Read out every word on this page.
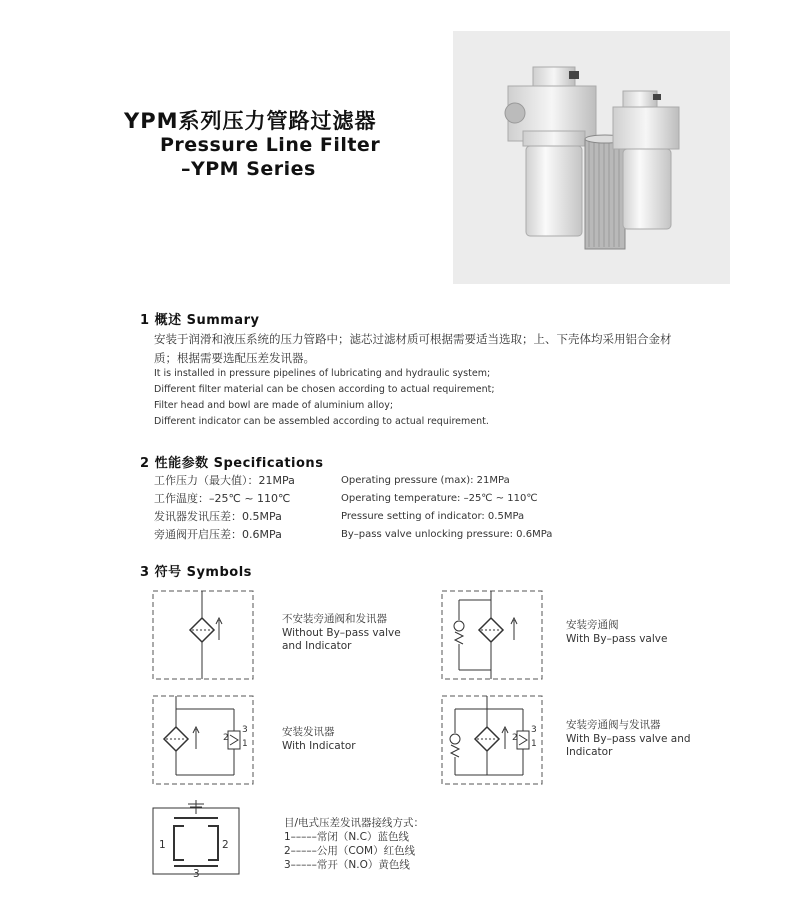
YPM系列压力管路过滤器
Pressure Line Filter
–YPM Series
1 概述 Summary
安装于润滑和液压系统的压力管路中；滤芯过滤材质可根据需要适当选取；上、下壳体均采用铝合金材
质；根据需要选配压差发讯器。
It is installed in pressure pipelines of lubricating and hydraulic system;
Different filter material can be chosen according to actual requirement;
Filter head and bowl are made of aluminium alloy;
Different indicator can be assembled according to actual requirement.
2 性能参数 Specifications
工作压力（最大值）：21MPa
工作温度：–25℃ ~ 110℃
发讯器发讯压差：0.5MPa
旁通阀开启压差：0.6MPa
Operating pressure (max): 21MPa
Operating temperature: –25℃ ~ 110℃
Pressure setting of indicator: 0.5MPa
By–pass valve unlocking pressure: 0.6MPa
3 符号 Symbols
不安装旁通阀和发讯器
Without By–pass valve
and Indicator
安装旁通阀
With By–pass valve
2
3
1
安装发讯器
With Indicator
2
3
1
安装旁通阀与发讯器
With By–pass valve and
Indicator
1	2
3
目/电式压差发讯器接线方式：
1–––––常闭（N.C）蓝色线
2–––––公用（COM）红色线
3–––––常开（N.O）黄色线
